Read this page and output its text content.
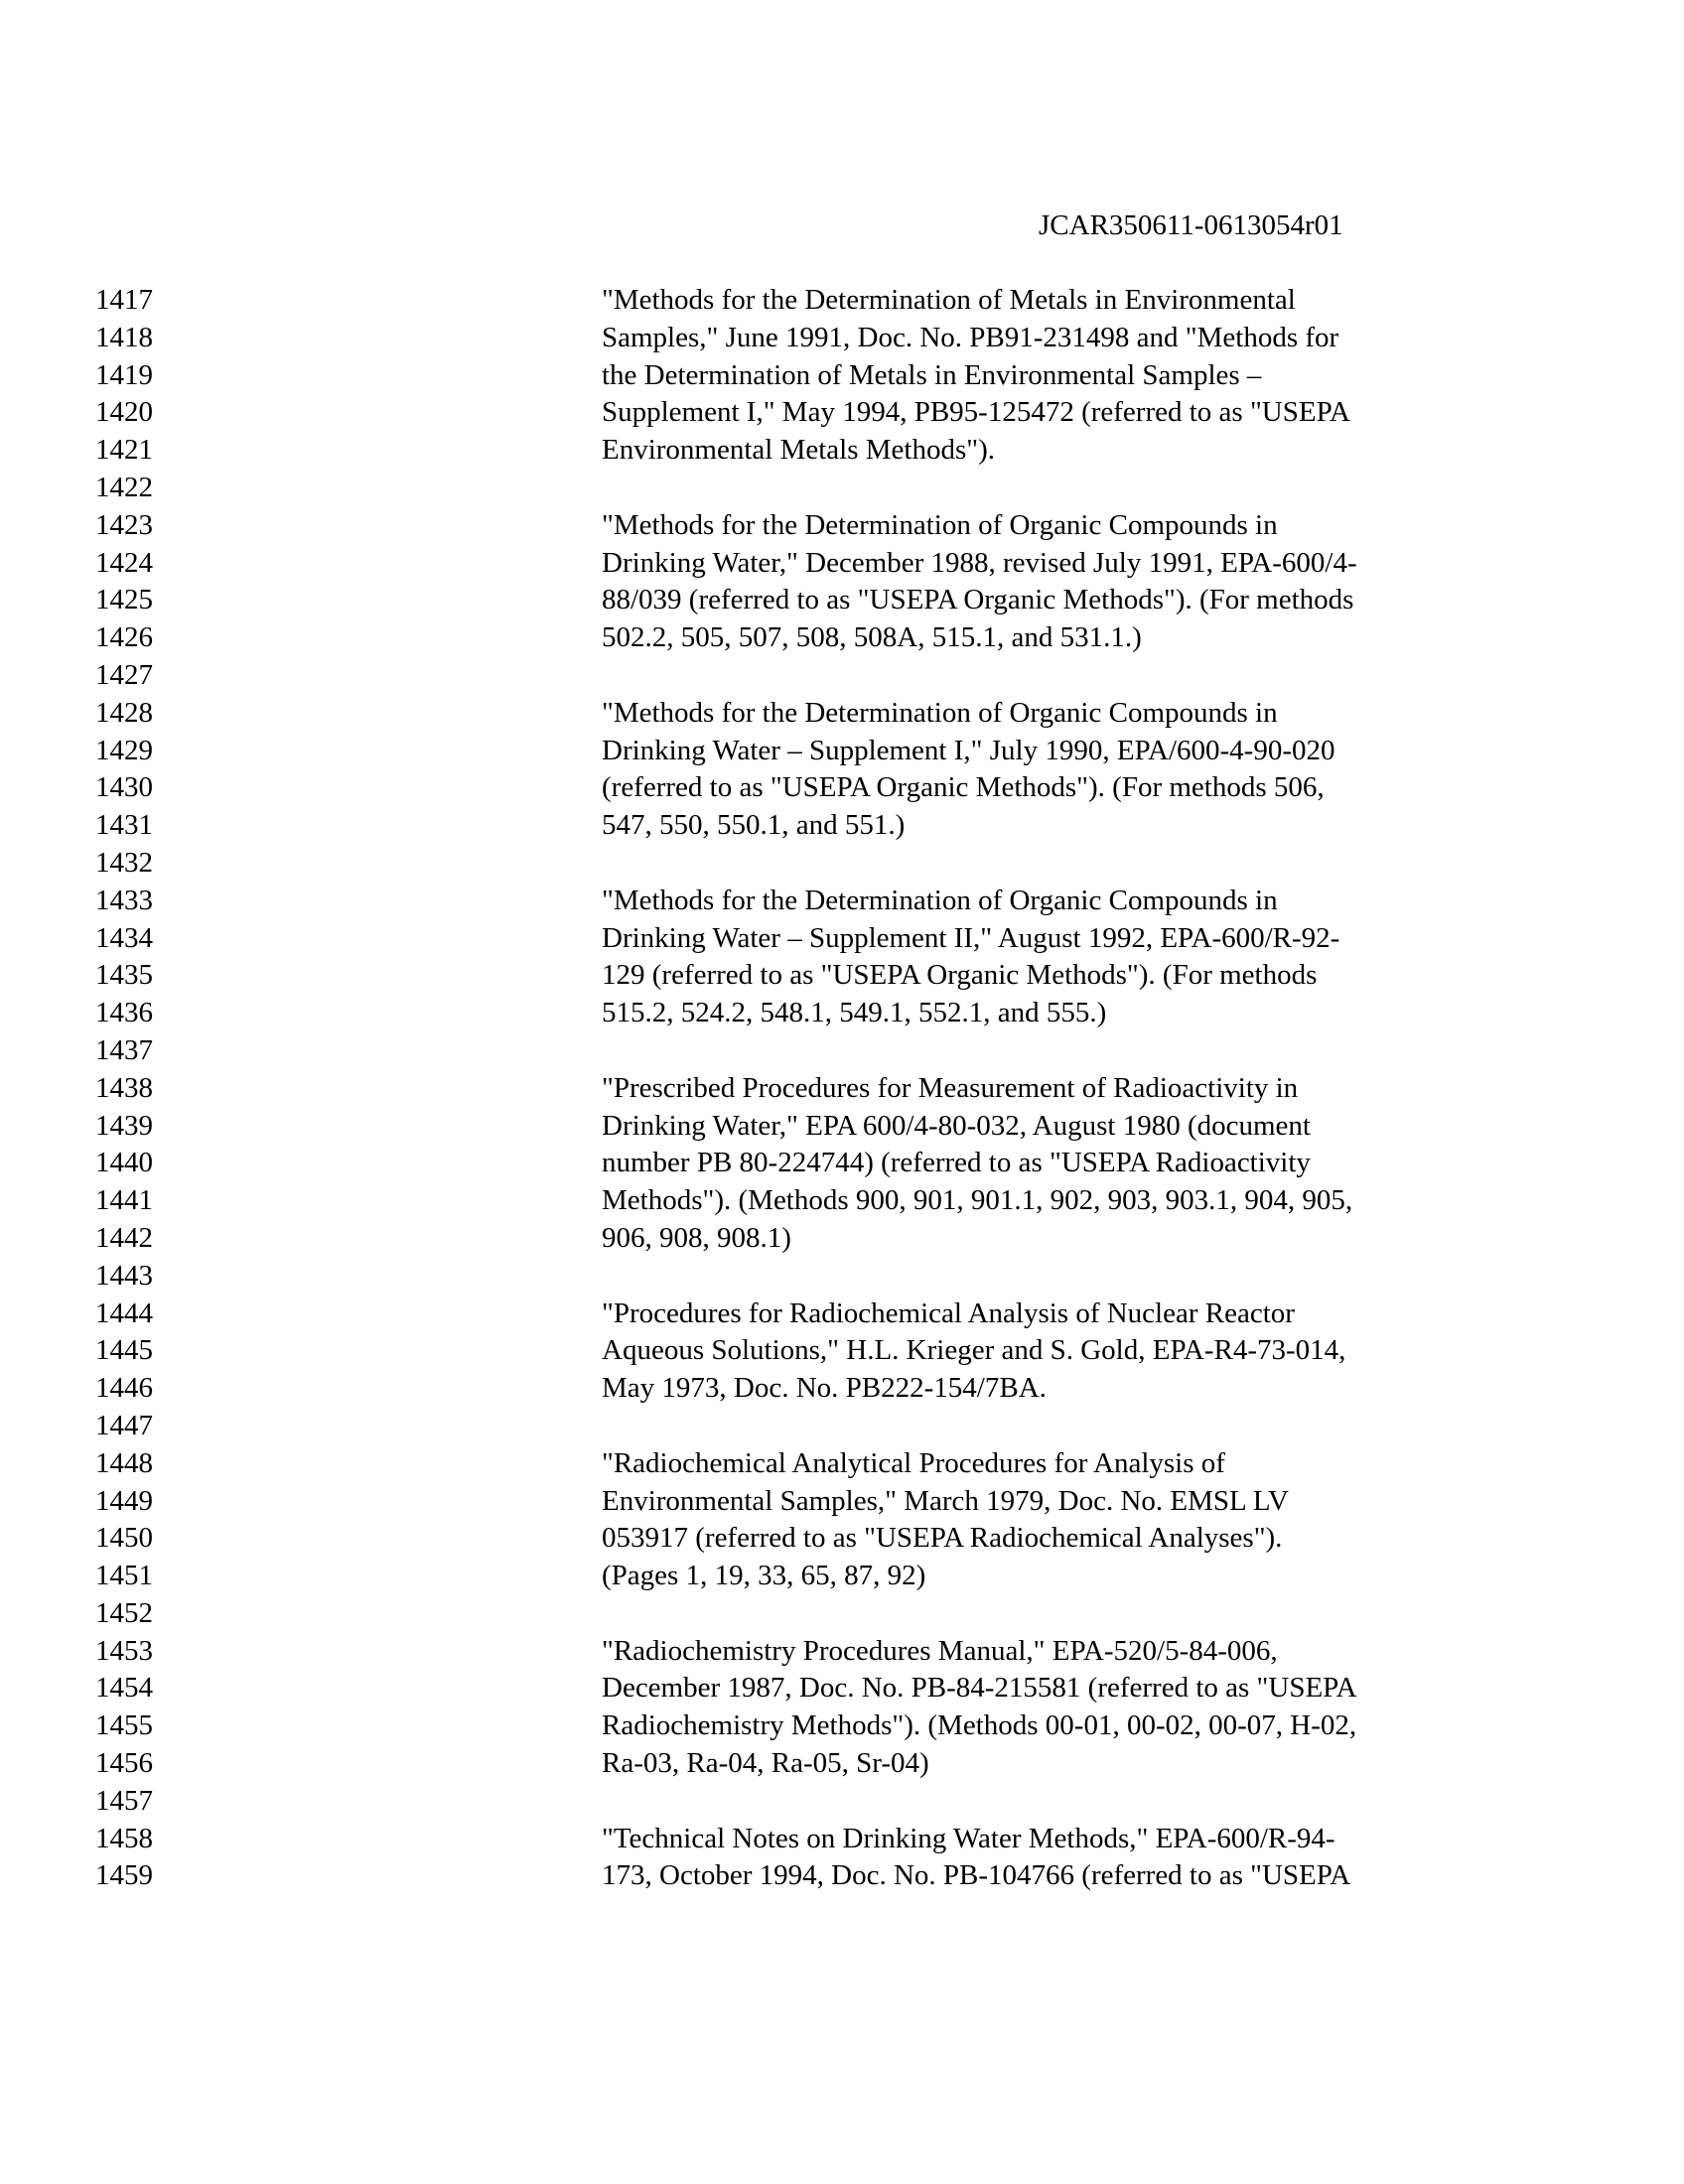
JCAR350611-0613054r01
1417
1418
1419
1420
1421
1422
1423
1424
1425
1426
1427
1428
1429
1430
1431
1432
1433
1434
1435
1436
1437
1438
1439
1440
1441
1442
1443
1444
1445
1446
1447
1448
1449
1450
1451
1452
1453
1454
1455
1456
1457
1458
1459
"Methods for the Determination of Metals in Environmental
Samples," June 1991, Doc. No. PB91-231498 and "Methods for
the Determination of Metals in Environmental Samples –
Supplement I," May 1994, PB95-125472 (referred to as "USEPA
Environmental Metals Methods").
"Methods for the Determination of Organic Compounds in
Drinking Water," December 1988, revised July 1991, EPA-600/4-
88/039 (referred to as "USEPA Organic Methods"). (For methods
502.2, 505, 507, 508, 508A, 515.1, and 531.1.)
"Methods for the Determination of Organic Compounds in
Drinking Water – Supplement I," July 1990, EPA/600-4-90-020
(referred to as "USEPA Organic Methods"). (For methods 506,
547, 550, 550.1, and 551.)
"Methods for the Determination of Organic Compounds in
Drinking Water – Supplement II," August 1992, EPA-600/R-92-
129 (referred to as "USEPA Organic Methods"). (For methods
515.2, 524.2, 548.1, 549.1, 552.1, and 555.)
"Prescribed Procedures for Measurement of Radioactivity in
Drinking Water," EPA 600/4-80-032, August 1980 (document
number PB 80-224744) (referred to as "USEPA Radioactivity
Methods"). (Methods 900, 901, 901.1, 902, 903, 903.1, 904, 905,
906, 908, 908.1)
"Procedures for Radiochemical Analysis of Nuclear Reactor
Aqueous Solutions," H.L. Krieger and S. Gold, EPA-R4-73-014,
May 1973, Doc. No. PB222-154/7BA.
"Radiochemical Analytical Procedures for Analysis of
Environmental Samples," March 1979, Doc. No. EMSL LV
053917 (referred to as "USEPA Radiochemical Analyses").
(Pages 1, 19, 33, 65, 87, 92)
"Radiochemistry Procedures Manual," EPA-520/5-84-006,
December 1987, Doc. No. PB-84-215581 (referred to as "USEPA
Radiochemistry Methods"). (Methods 00-01, 00-02, 00-07, H-02,
Ra-03, Ra-04, Ra-05, Sr-04)
"Technical Notes on Drinking Water Methods," EPA-600/R-94-
173, October 1994, Doc. No. PB-104766 (referred to as "USEPA
